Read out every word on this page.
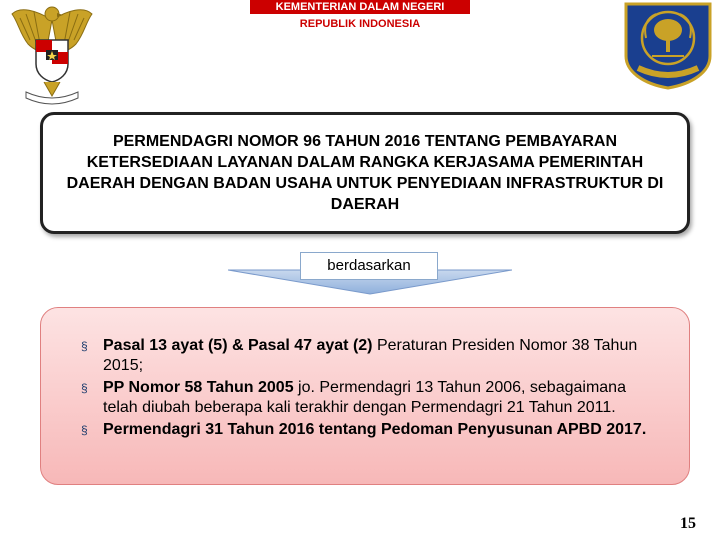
KEMENTERIAN DALAM NEGERI
REPUBLIK INDONESIA
PERMENDAGRI NOMOR 96 TAHUN 2016 TENTANG PEMBAYARAN KETERSEDIAAN LAYANAN DALAM RANGKA KERJASAMA PEMERINTAH DAERAH DENGAN BADAN USAHA UNTUK PENYEDIAAN INFRASTRUKTUR DI DAERAH
berdasarkan
§ Pasal 13 ayat (5) & Pasal 47 ayat (2) Peraturan Presiden Nomor 38 Tahun 2015;
§ PP Nomor 58 Tahun 2005 jo. Permendagri 13 Tahun 2006, sebagaimana telah diubah beberapa kali terakhir dengan Permendagri 21 Tahun 2011.
§ Permendagri 31 Tahun 2016 tentang Pedoman Penyusunan APBD 2017.
15
